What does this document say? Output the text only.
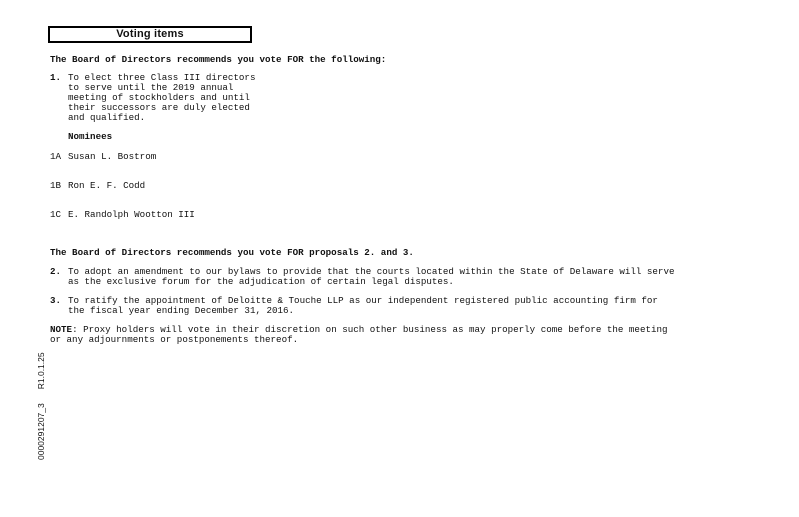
Voting items
The Board of Directors recommends you vote FOR the following:
1. To elect three Class III directors
to serve until the 2019 annual
meeting of stockholders and until
their successors are duly elected
and qualified.
Nominees
1A Susan L. Bostrom
1B Ron E. F. Codd
1C E. Randolph Wootton III
The Board of Directors recommends you vote FOR proposals 2. and 3.
2. To adopt an amendment to our bylaws to provide that the courts located within the State of Delaware will serve
as the exclusive forum for the adjudication of certain legal disputes.
3. To ratify the appointment of Deloitte & Touche LLP as our independent registered public accounting firm for
the fiscal year ending December 31, 2016.
NOTE: Proxy holders will vote in their discretion on such other business as may properly come before the meeting
or any adjournments or postponements thereof.
0000291207_3R1.0.1.25
